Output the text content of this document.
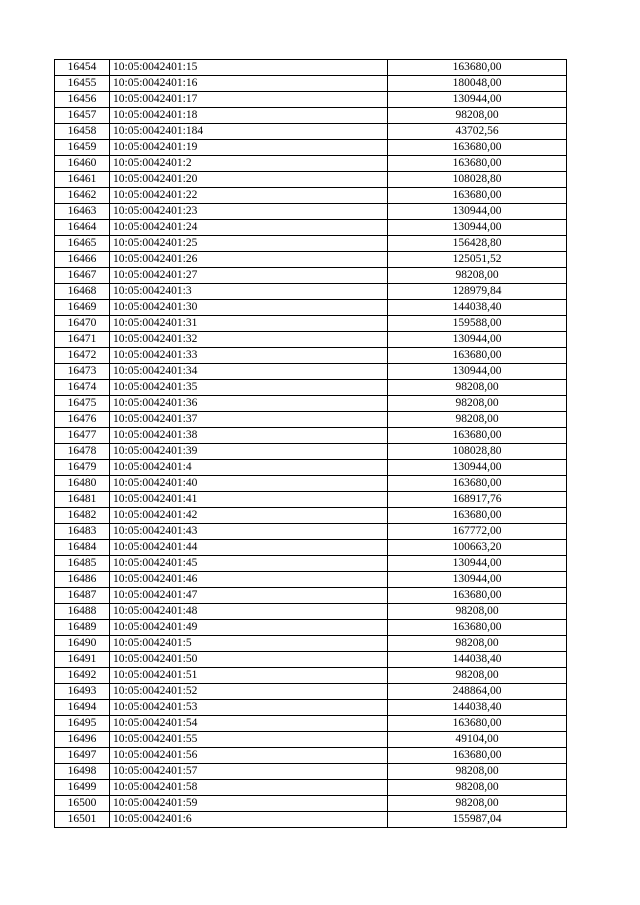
16454	10:05:0042401:15	163680,00
16455	10:05:0042401:16	180048,00
16456	10:05:0042401:17	130944,00
16457	10:05:0042401:18	98208,00
16458	10:05:0042401:184	43702,56
16459	10:05:0042401:19	163680,00
16460	10:05:0042401:2	163680,00
16461	10:05:0042401:20	108028,80
16462	10:05:0042401:22	163680,00
16463	10:05:0042401:23	130944,00
16464	10:05:0042401:24	130944,00
16465	10:05:0042401:25	156428,80
16466	10:05:0042401:26	125051,52
16467	10:05:0042401:27	98208,00
16468	10:05:0042401:3	128979,84
16469	10:05:0042401:30	144038,40
16470	10:05:0042401:31	159588,00
16471	10:05:0042401:32	130944,00
16472	10:05:0042401:33	163680,00
16473	10:05:0042401:34	130944,00
16474	10:05:0042401:35	98208,00
16475	10:05:0042401:36	98208,00
16476	10:05:0042401:37	98208,00
16477	10:05:0042401:38	163680,00
16478	10:05:0042401:39	108028,80
16479	10:05:0042401:4	130944,00
16480	10:05:0042401:40	163680,00
16481	10:05:0042401:41	168917,76
16482	10:05:0042401:42	163680,00
16483	10:05:0042401:43	167772,00
16484	10:05:0042401:44	100663,20
16485	10:05:0042401:45	130944,00
16486	10:05:0042401:46	130944,00
16487	10:05:0042401:47	163680,00
16488	10:05:0042401:48	98208,00
16489	10:05:0042401:49	163680,00
16490	10:05:0042401:5	98208,00
16491	10:05:0042401:50	144038,40
16492	10:05:0042401:51	98208,00
16493	10:05:0042401:52	248864,00
16494	10:05:0042401:53	144038,40
16495	10:05:0042401:54	163680,00
16496	10:05:0042401:55	49104,00
16497	10:05:0042401:56	163680,00
16498	10:05:0042401:57	98208,00
16499	10:05:0042401:58	98208,00
16500	10:05:0042401:59	98208,00
16501	10:05:0042401:6	155987,04
